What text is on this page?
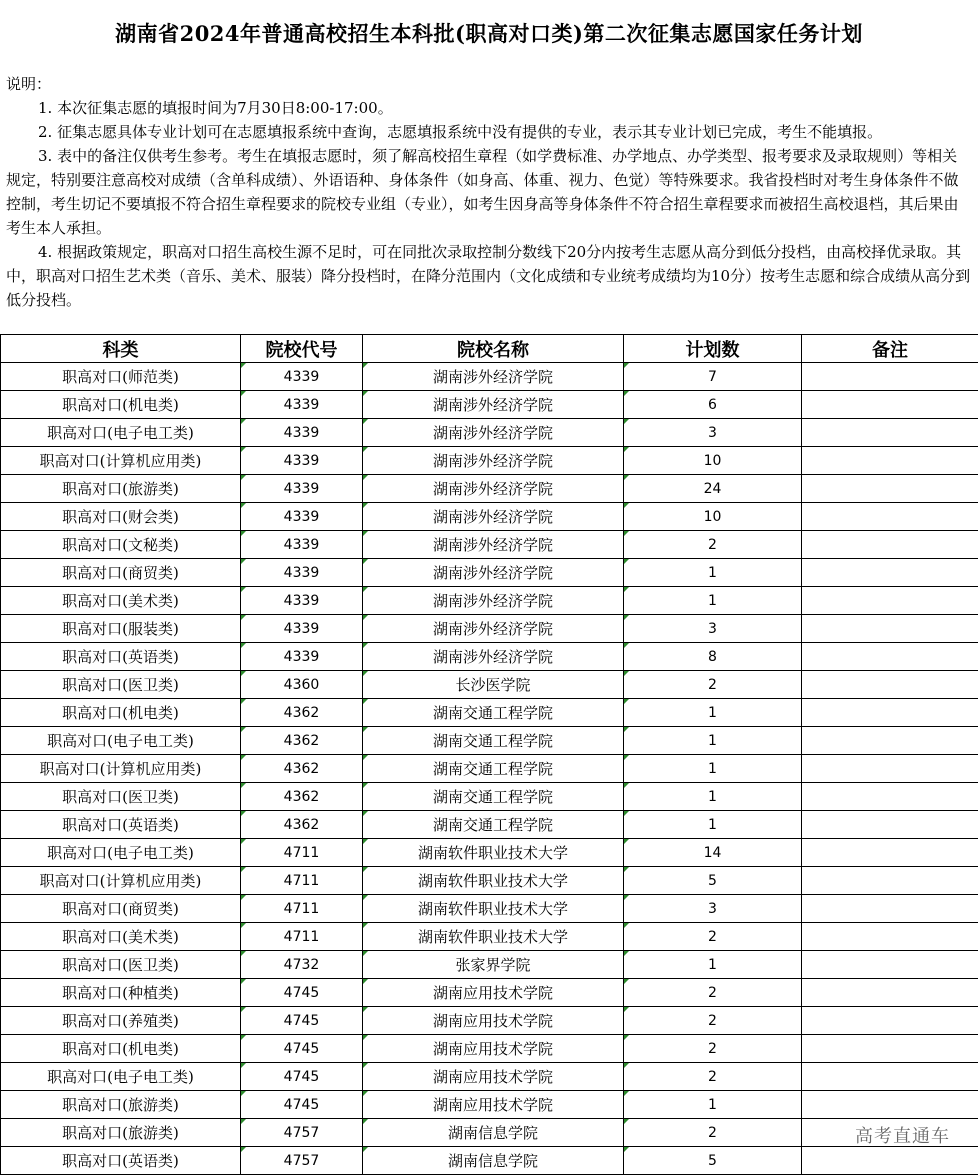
湖南省2024年普通高校招生本科批(职高对口类)第二次征集志愿国家任务计划

说明：

1. 本次征集志愿的填报时间为7月30日8:00-17:00。

2. 征集志愿具体专业计划可在志愿填报系统中查询，志愿填报系统中没有提供的专业，表示其专业计划已完成，考生不能填报。

3. 表中的备注仅供考生参考。考生在填报志愿时，须了解高校招生章程（如学费标准、办学地点、办学类型、报考要求及录取规则）等相关规定，特别要注意高校对成绩（含单科成绩）、外语语种、身体条件（如身高、体重、视力、色觉）等特殊要求。我省投档时对考生身体条件不做控制，考生切记不要填报不符合招生章程要求的院校专业组（专业），如考生因身高等身体条件不符合招生章程要求而被招生高校退档，其后果由考生本人承担。

4. 根据政策规定，职高对口招生高校生源不足时，可在同批次录取控制分数线下20分内按考生志愿从高分到低分投档，由高校择优录取。其中，职高对口招生艺术类（音乐、美术、服装）降分投档时，在降分范围内（文化成绩和专业统考成绩均为10分）按考生志愿和综合成绩从高分到低分投档。

科类	院校代号	院校名称	计划数	备注
职高对口(师范类)	4339	湖南涉外经济学院	7	
职高对口(机电类)	4339	湖南涉外经济学院	6	
职高对口(电子电工类)	4339	湖南涉外经济学院	3	
职高对口(计算机应用类)	4339	湖南涉外经济学院	10	
职高对口(旅游类)	4339	湖南涉外经济学院	24	
职高对口(财会类)	4339	湖南涉外经济学院	10	
职高对口(文秘类)	4339	湖南涉外经济学院	2	
职高对口(商贸类)	4339	湖南涉外经济学院	1	
职高对口(美术类)	4339	湖南涉外经济学院	1	
职高对口(服装类)	4339	湖南涉外经济学院	3	
职高对口(英语类)	4339	湖南涉外经济学院	8	
职高对口(医卫类)	4360	长沙医学院	2	
职高对口(机电类)	4362	湖南交通工程学院	1	
职高对口(电子电工类)	4362	湖南交通工程学院	1	
职高对口(计算机应用类)	4362	湖南交通工程学院	1	
职高对口(医卫类)	4362	湖南交通工程学院	1	
职高对口(英语类)	4362	湖南交通工程学院	1	
职高对口(电子电工类)	4711	湖南软件职业技术大学	14	
职高对口(计算机应用类)	4711	湖南软件职业技术大学	5	
职高对口(商贸类)	4711	湖南软件职业技术大学	3	
职高对口(美术类)	4711	湖南软件职业技术大学	2	
职高对口(医卫类)	4732	张家界学院	1	
职高对口(种植类)	4745	湖南应用技术学院	2	
职高对口(养殖类)	4745	湖南应用技术学院	2	
职高对口(机电类)	4745	湖南应用技术学院	2	
职高对口(电子电工类)	4745	湖南应用技术学院	2	
职高对口(旅游类)	4745	湖南应用技术学院	1	
职高对口(旅游类)	4757	湖南信息学院	2	
职高对口(英语类)	4757	湖南信息学院	5	
高考直通车
